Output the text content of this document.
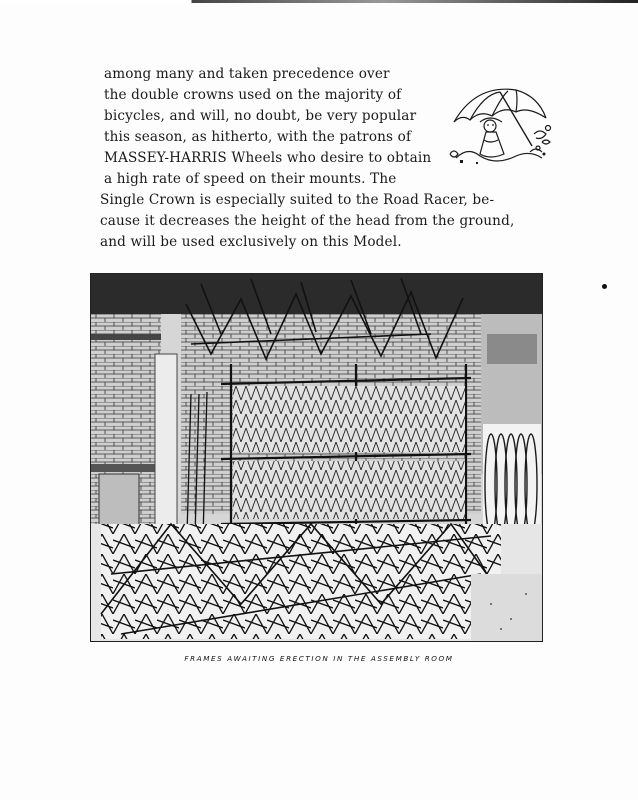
among many and taken precedence over
the double crowns used on the majority of
bicycles, and will, no doubt, be very popular
this season, as hitherto, with the patrons of
MASSEY-HARRIS Wheels who desire to obtain
a high rate of speed on their mounts. The
Single Crown is especially suited to the Road Racer, be-
cause it decreases the height of the head from the ground,
and will be used exclusively on this Model.
FRAMES AWAITING ERECTION IN THE ASSEMBLY ROOM
